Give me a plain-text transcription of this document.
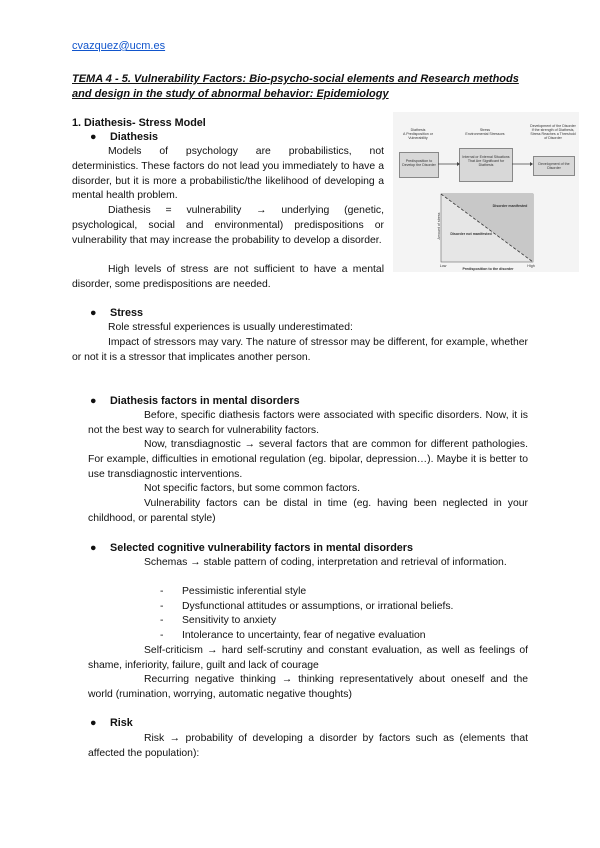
cvazquez@ucm.es
TEMA 4 - 5. Vulnerability Factors: Bio-psycho-social elements and Research methods and design in the study of abnormal behavior: Epidemiology
1. Diathesis- Stress Model
● Diathesis
Models of psychology are probabilistics, not
deterministics. These factors do not lead you immediately to have a disorder, but it is more a probabilistic/the likelihood of developing a mental health problem.
Diathesis = vulnerability → underlying (genetic, psychological, social and environmental) predispositions or vulnerability that may increase the probability to develop a disorder.
High levels of stress are not sufficient to have a mental disorder, some predispositions are needed.
Diathesis
A Predisposition or Vulnerability
Stress
Environmental Stressors
Development of the Disorder
If the strength of Diathesis, Stress Reaches a Threshold of Disorder
Predisposition to Develop the Disorder
Internal or External Situations That Are Significant for Diathesis	Development of the Disorder
Disorder manifested
Disorder not manifested
Amount of stress
Low	High
Predisposition to the disorder
● Stress
Role stressful experiences is usually underestimated:
Impact of stressors may vary. The nature of stressor may be different, for example, whether or not it is a stressor that implicates another person.
● Diathesis factors in mental disorders
Before, specific diathesis factors were associated with specific disorders. Now, it is not the best way to search for vulnerability factors.
Now, transdiagnostic → several factors that are common for different pathologies. For example, difficulties in emotional regulation (eg. bipolar, depression…). Maybe it is better to use transdiagnostic interventions.
Not specific factors, but some common factors.
Vulnerability factors can be distal in time (eg. having been neglected in your childhood, or parental style)
● Selected cognitive vulnerability factors in mental disorders
Schemas → stable pattern of coding, interpretation and retrieval of information.
- Pessimistic inferential style
- Dysfunctional attitudes or assumptions, or irrational beliefs.
- Sensitivity to anxiety
- Intolerance to uncertainty, fear of negative evaluation
Self-criticism → hard self-scrutiny and constant evaluation, as well as feelings of shame, inferiority, failure, guilt and lack of courage
Recurring negative thinking → thinking representatively about oneself and the world (rumination, worrying, automatic negative thoughts)
● Risk
Risk → probability of developing a disorder by factors such as (elements that affected the population):
